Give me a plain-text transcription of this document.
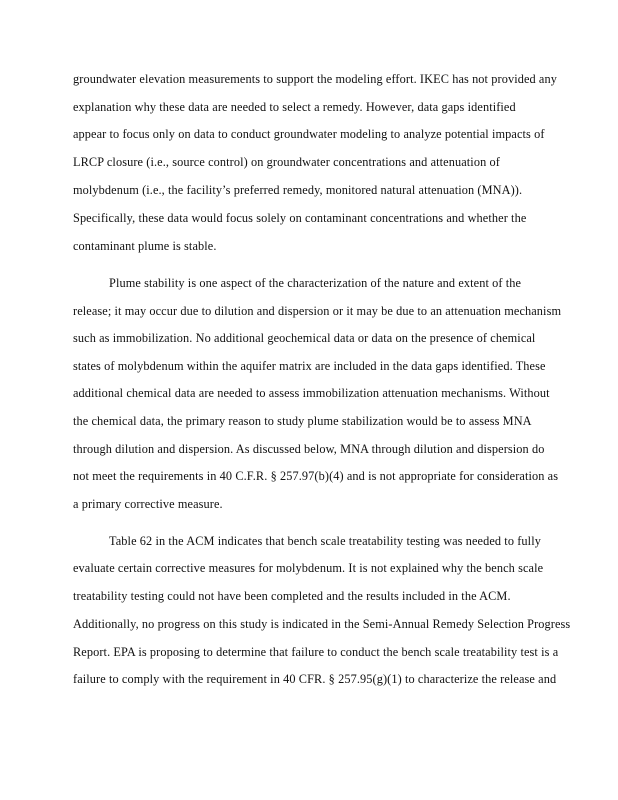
groundwater elevation measurements to support the modeling effort. IKEC has not provided any
explanation why these data are needed to select a remedy. However, data gaps identified
appear to focus only on data to conduct groundwater modeling to analyze potential impacts of
LRCP closure (i.e., source control) on groundwater concentrations and attenuation of
molybdenum (i.e., the facility’s preferred remedy, monitored natural attenuation (MNA)).
Specifically, these data would focus solely on contaminant concentrations and whether the
contaminant plume is stable.
Plume stability is one aspect of the characterization of the nature and extent of the
release; it may occur due to dilution and dispersion or it may be due to an attenuation mechanism
such as immobilization. No additional geochemical data or data on the presence of chemical
states of molybdenum within the aquifer matrix are included in the data gaps identified. These
additional chemical data are needed to assess immobilization attenuation mechanisms. Without
the chemical data, the primary reason to study plume stabilization would be to assess MNA
through dilution and dispersion. As discussed below, MNA through dilution and dispersion do
not meet the requirements in 40 C.F.R. § 257.97(b)(4) and is not appropriate for consideration as
a primary corrective measure.
Table 62 in the ACM indicates that bench scale treatability testing was needed to fully
evaluate certain corrective measures for molybdenum. It is not explained why the bench scale
treatability testing could not have been completed and the results included in the ACM.
Additionally, no progress on this study is indicated in the Semi-Annual Remedy Selection Progress
Report. EPA is proposing to determine that failure to conduct the bench scale treatability test is a
failure to comply with the requirement in 40 CFR. § 257.95(g)(1) to characterize the release and
